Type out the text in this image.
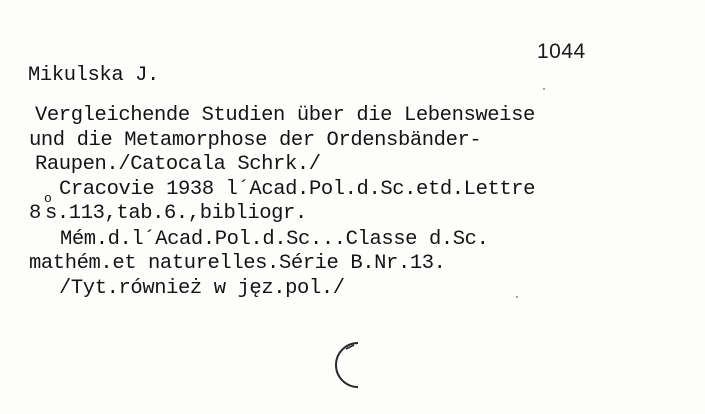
1044
Mikulska J.
Vergleichende Studien über die Lebensweise
und die Metamorphose der Ordensbänder-
Raupen./Catocala Schrk./
Cracovie 1938 l´Acad.Pol.d.Sc.etd.Lettre
o
8 s.113,tab.6.,bibliogr.
Mém.d.l´Acad.Pol.d.Sc...Classe d.Sc.
mathém.et naturelles.Série B.Nr.13.
/Tyt.również w jęz.pol./
